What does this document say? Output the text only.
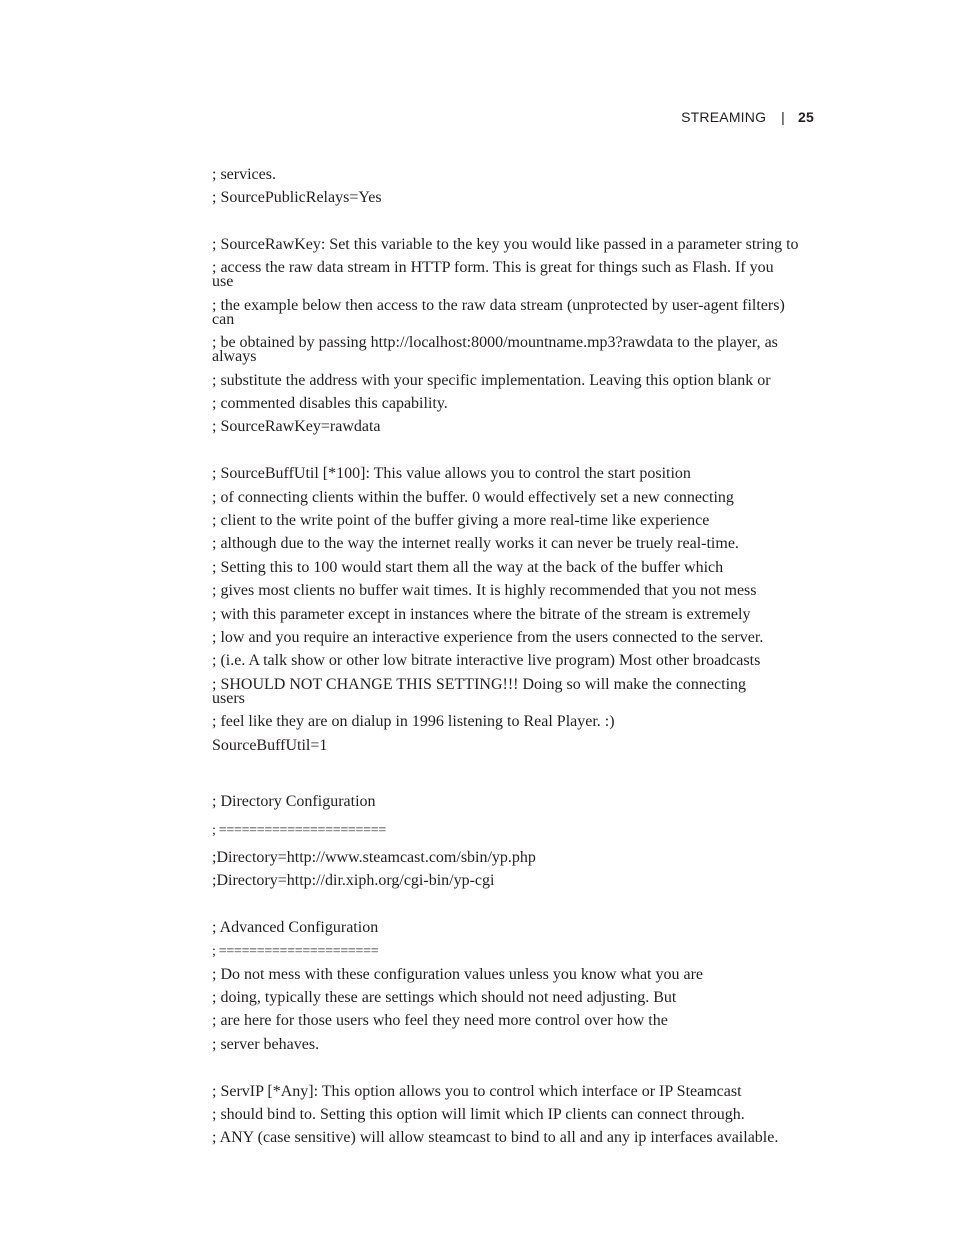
STREAMING | 25
; services.
; SourcePublicRelays=Yes
; SourceRawKey: Set this variable to the key you would like passed in a parameter string to
; access the raw data stream in HTTP form. This is great for things such as Flash. If you
use
; the example below then access to the raw data stream (unprotected by user-agent filters)
can
; be obtained by passing http://localhost:8000/mountname.mp3?rawdata to the player, as
always
; substitute the address with your specific implementation. Leaving this option blank or
; commented disables this capability.
; SourceRawKey=rawdata
; SourceBuffUtil [*100]: This value allows you to control the start position
; of connecting clients within the buffer. 0 would effectively set a new connecting
; client to the write point of the buffer giving a more real-time like experience
; although due to the way the internet really works it can never be truely real-time.
; Setting this to 100 would start them all the way at the back of the buffer which
; gives most clients no buffer wait times. It is highly recommended that you not mess
; with this parameter except in instances where the bitrate of the stream is extremely
; low and you require an interactive experience from the users connected to the server.
; (i.e. A talk show or other low bitrate interactive live program) Most other broadcasts
; SHOULD NOT CHANGE THIS SETTING!!! Doing so will make the connecting
users
; feel like they are on dialup in 1996 listening to Real Player. :)
SourceBuffUtil=1
; Directory Configuration
; ======================
;Directory=http://www.steamcast.com/sbin/yp.php
;Directory=http://dir.xiph.org/cgi-bin/yp-cgi
; Advanced Configuration
; =====================
; Do not mess with these configuration values unless you know what you are
; doing, typically these are settings which should not need adjusting. But
; are here for those users who feel they need more control over how the
; server behaves.
; ServIP [*Any]: This option allows you to control which interface or IP Steamcast
; should bind to. Setting this option will limit which IP clients can connect through.
; ANY (case sensitive) will allow steamcast to bind to all and any ip interfaces available.
